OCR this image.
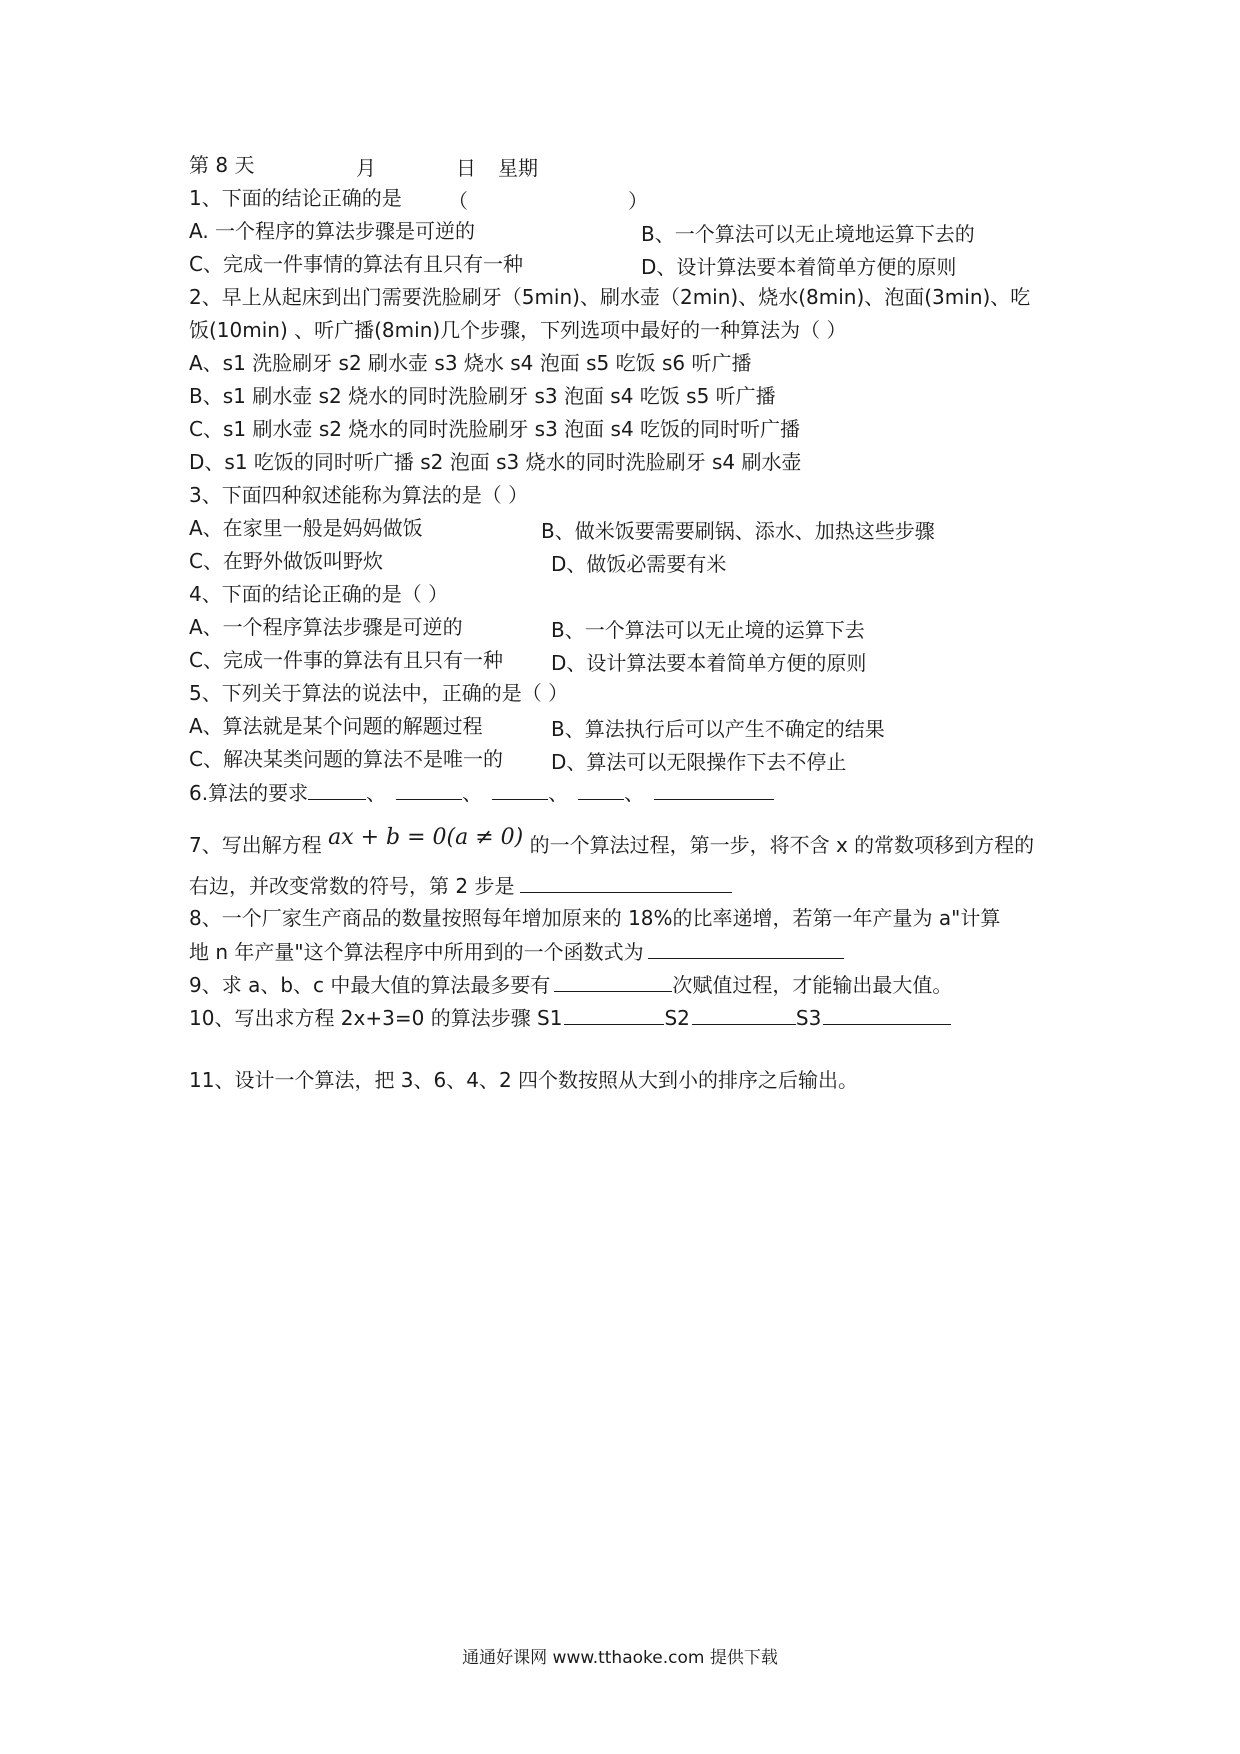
第 8 天	月	日 星期
1、下面的结论正确的是 （	）
A. 一个程序的算法步骤是可逆的	B、一个算法可以无止境地运算下去的
C、完成一件事情的算法有且只有一种	D、设计算法要本着简单方便的原则
2、早上从起床到出门需要洗脸刷牙（5min)、刷水壶（2min)、烧水(8min)、泡面(3min)、吃
饭(10min) 、听广播(8min)几个步骤，下列选项中最好的一种算法为（ ）
A、s1 洗脸刷牙 s2 刷水壶 s3 烧水 s4 泡面 s5 吃饭 s6 听广播
B、s1 刷水壶 s2 烧水的同时洗脸刷牙 s3 泡面 s4 吃饭 s5 听广播
C、s1 刷水壶 s2 烧水的同时洗脸刷牙 s3 泡面 s4 吃饭的同时听广播
D、s1 吃饭的同时听广播 s2 泡面 s3 烧水的同时洗脸刷牙 s4 刷水壶
3、下面四种叙述能称为算法的是（ ）
A、在家里一般是妈妈做饭	B、做米饭要需要刷锅、添水、加热这些步骤
C、在野外做饭叫野炊	D、做饭必需要有米
4、下面的结论正确的是（ ）
A、一个程序算法步骤是可逆的	B、一个算法可以无止境的运算下去
C、完成一件事的算法有且只有一种 D、设计算法要本着简单方便的原则
5、下列关于算法的说法中，正确的是（ ）
A、算法就是某个问题的解题过程	B、算法执行后可以产生不确定的结果
C、解决某类问题的算法不是唯一的 D、算法可以无限操作下去不停止
6.算法的要求	、	、	、	、
7、写出解方程 ax + b = 0(a ≠ 0) 的一个算法过程，第一步，将不含 x 的常数项移到方程的
右边，并改变常数的符号，第 2 步是
8、一个厂家生产商品的数量按照每年增加原来的 18%的比率递增，若第一年产量为 a"计算
地 n 年产量"这个算法程序中所用到的一个函数式为
9、求 a、b、c 中最大值的算法最多要有	次赋值过程，才能输出最大值。
10、写出求方程 2x+3=0 的算法步骤 S1	S2	S3
11、设计一个算法，把 3、6、4、2 四个数按照从大到小的排序之后输出。
通通好课网 www.tthaoke.com 提供下载
